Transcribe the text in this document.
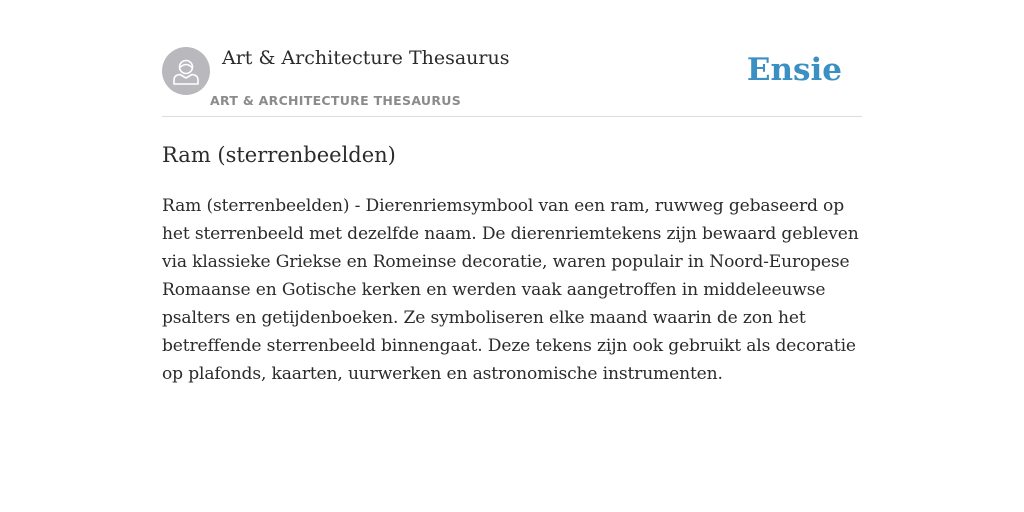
Art & Architecture Thesaurus
ART & ARCHITECTURE THESAURUS
Ensie
Ram (sterrenbeelden)

Ram (sterrenbeelden) - Dierenriemsymbool van een ram, ruwweg gebaseerd op het sterrenbeeld met dezelfde naam. De dierenriemtekens zijn bewaard gebleven via klassieke Griekse en Romeinse decoratie, waren populair in Noord-Europese Romaanse en Gotische kerken en werden vaak aangetroffen in middeleeuwse psalters en getijdenboeken. Ze symboliseren elke maand waarin de zon het betreffende sterrenbeeld binnengaat. Deze tekens zijn ook gebruikt als decoratie op plafonds, kaarten, uurwerken en astronomische instrumenten.
